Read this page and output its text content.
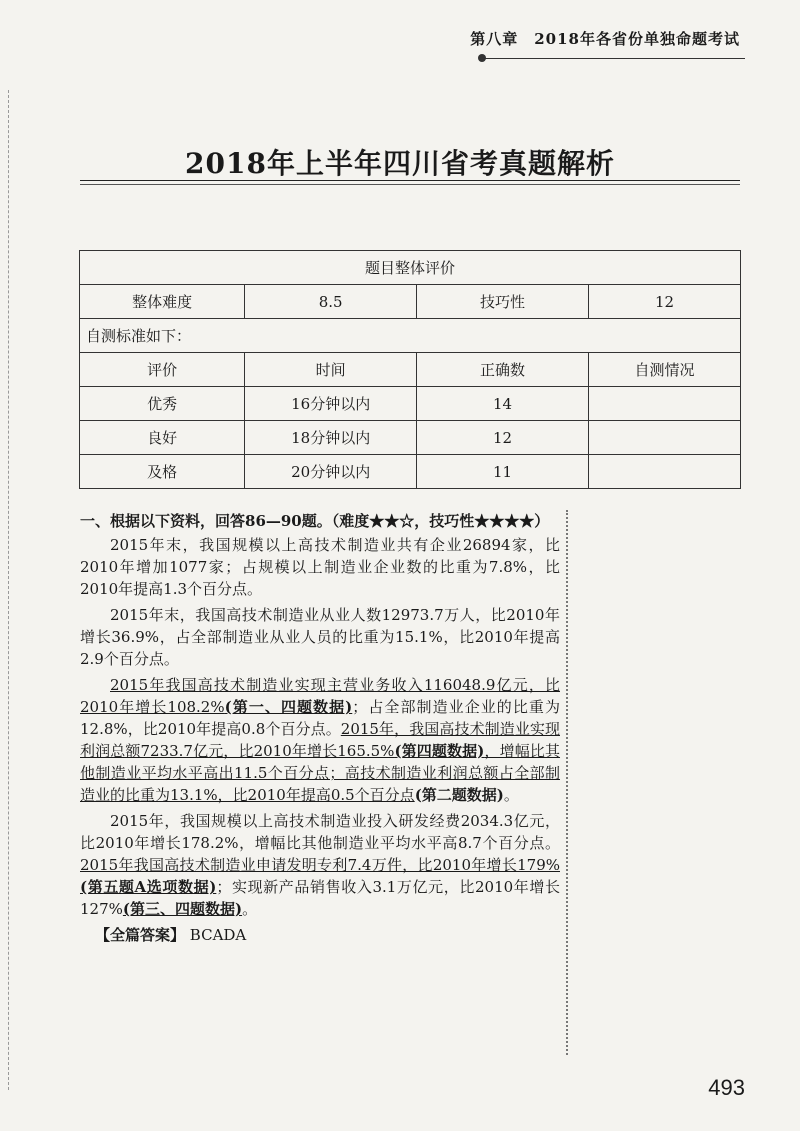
第八章　2018年各省份单独命题考试
2018年上半年四川省考真题解析
题目整体评价			
整体难度	8.5	技巧性	12
自测标准如下：			
评价	时间	正确数	自测情况
优秀	16分钟以内	14	
良好	18分钟以内	12	
及格	20分钟以内	11	
一、根据以下资料，回答86—90题。（难度★★☆，技巧性★★★★）

2015年末，我国规模以上高技术制造业共有企业26894家，比2010年增加1077家；占规模以上制造业企业数的比重为7.8%，比2010年提高1.3个百分点。

2015年末，我国高技术制造业从业人数12973.7万人，比2010年增长36.9%，占全部制造业从业人员的比重为15.1%，比2010年提高2.9个百分点。

2015年我国高技术制造业实现主营业务收入116048.9亿元，比2010年增长108.2%(第一、四题数据)；占全部制造业企业的比重为12.8%，比2010年提高0.8个百分点。2015年，我国高技术制造业实现利润总额7233.7亿元，比2010年增长165.5%(第四题数据)，增幅比其他制造业平均水平高出11.5个百分点；高技术制造业利润总额占全部制造业的比重为13.1%，比2010年提高0.5个百分点(第二题数据)。

2015年，我国规模以上高技术制造业投入研发经费2034.3亿元，比2010年增长178.2%，增幅比其他制造业平均水平高8.7个百分点。2015年我国高技术制造业申请发明专利7.4万件，比2010年增长179%(第五题A选项数据)；实现新产品销售收入3.1万亿元，比2010年增长127%(第三、四题数据)。

【全篇答案】 BCADA
493
